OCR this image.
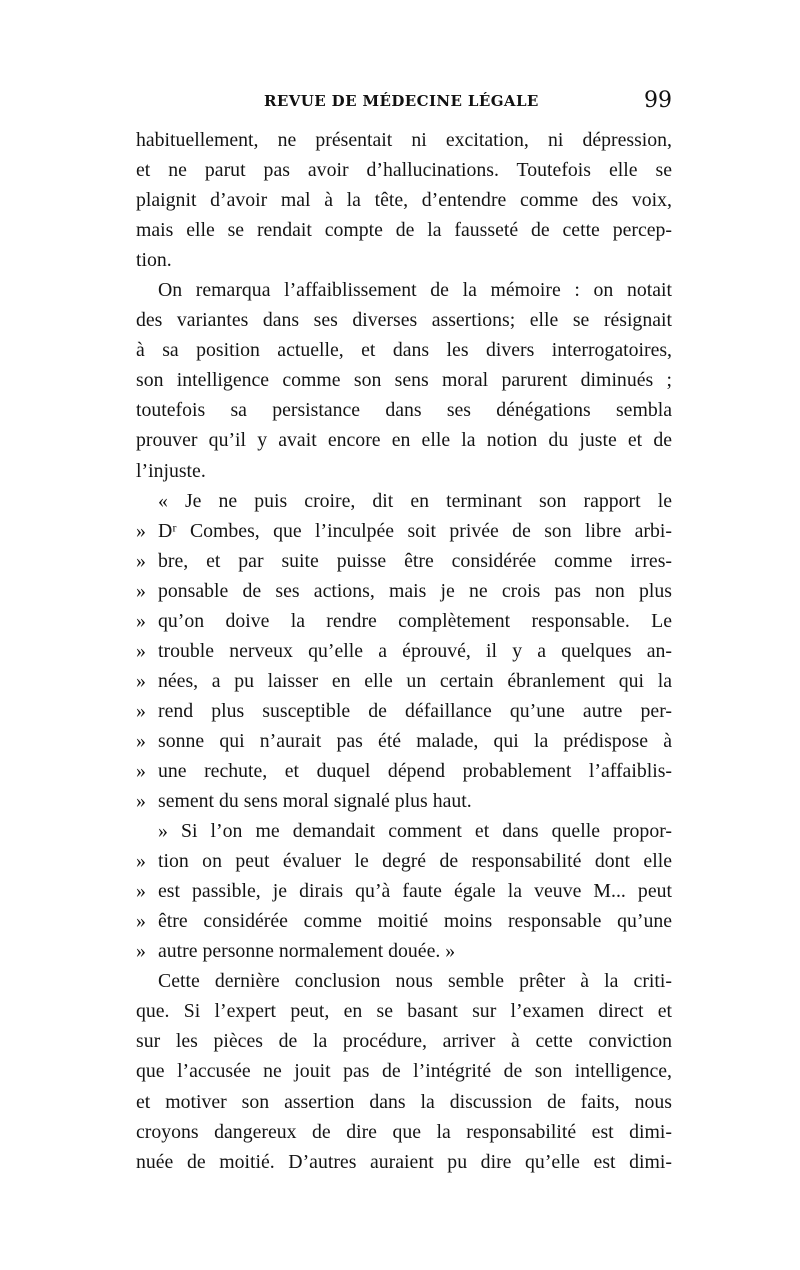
REVUE DE MÉDECINE LÉGALE	99
habituellement, ne présentait ni excitation, ni dépression,
et ne parut pas avoir d’hallucinations. Toutefois elle se
plaignit d’avoir mal à la tête, d’entendre comme des voix,
mais elle se rendait compte de la fausseté de cette percep-
tion.
On remarqua l’affaiblissement de la mémoire : on notait
des variantes dans ses diverses assertions; elle se résignait
à sa position actuelle, et dans les divers interrogatoires,
son intelligence comme son sens moral parurent diminués ;
toutefois sa persistance dans ses dénégations sembla
prouver qu’il y avait encore en elle la notion du juste et de
l’injuste.
« Je ne puis croire, dit en terminant son rapport le
» Dʳ Combes, que l’inculpée soit privée de son libre arbi-
» bre, et par suite puisse être considérée comme irres-
» ponsable de ses actions, mais je ne crois pas non plus
» qu’on doive la rendre complètement responsable. Le
» trouble nerveux qu’elle a éprouvé, il y a quelques an-
» nées, a pu laisser en elle un certain ébranlement qui la
» rend plus susceptible de défaillance qu’une autre per-
» sonne qui n’aurait pas été malade, qui la prédispose à
» une rechute, et duquel dépend probablement l’affaiblis-
» sement du sens moral signalé plus haut.
» Si l’on me demandait comment et dans quelle propor-
» tion on peut évaluer le degré de responsabilité dont elle
» est passible, je dirais qu’à faute égale la veuve M... peut
» être considérée comme moitié moins responsable qu’une
» autre personne normalement douée. »
Cette dernière conclusion nous semble prêter à la criti-
que. Si l’expert peut, en se basant sur l’examen direct et
sur les pièces de la procédure, arriver à cette conviction
que l’accusée ne jouit pas de l’intégrité de son intelligence,
et motiver son assertion dans la discussion de faits, nous
croyons dangereux de dire que la responsabilité est dimi-
nuée de moitié. D’autres auraient pu dire qu’elle est dimi-
